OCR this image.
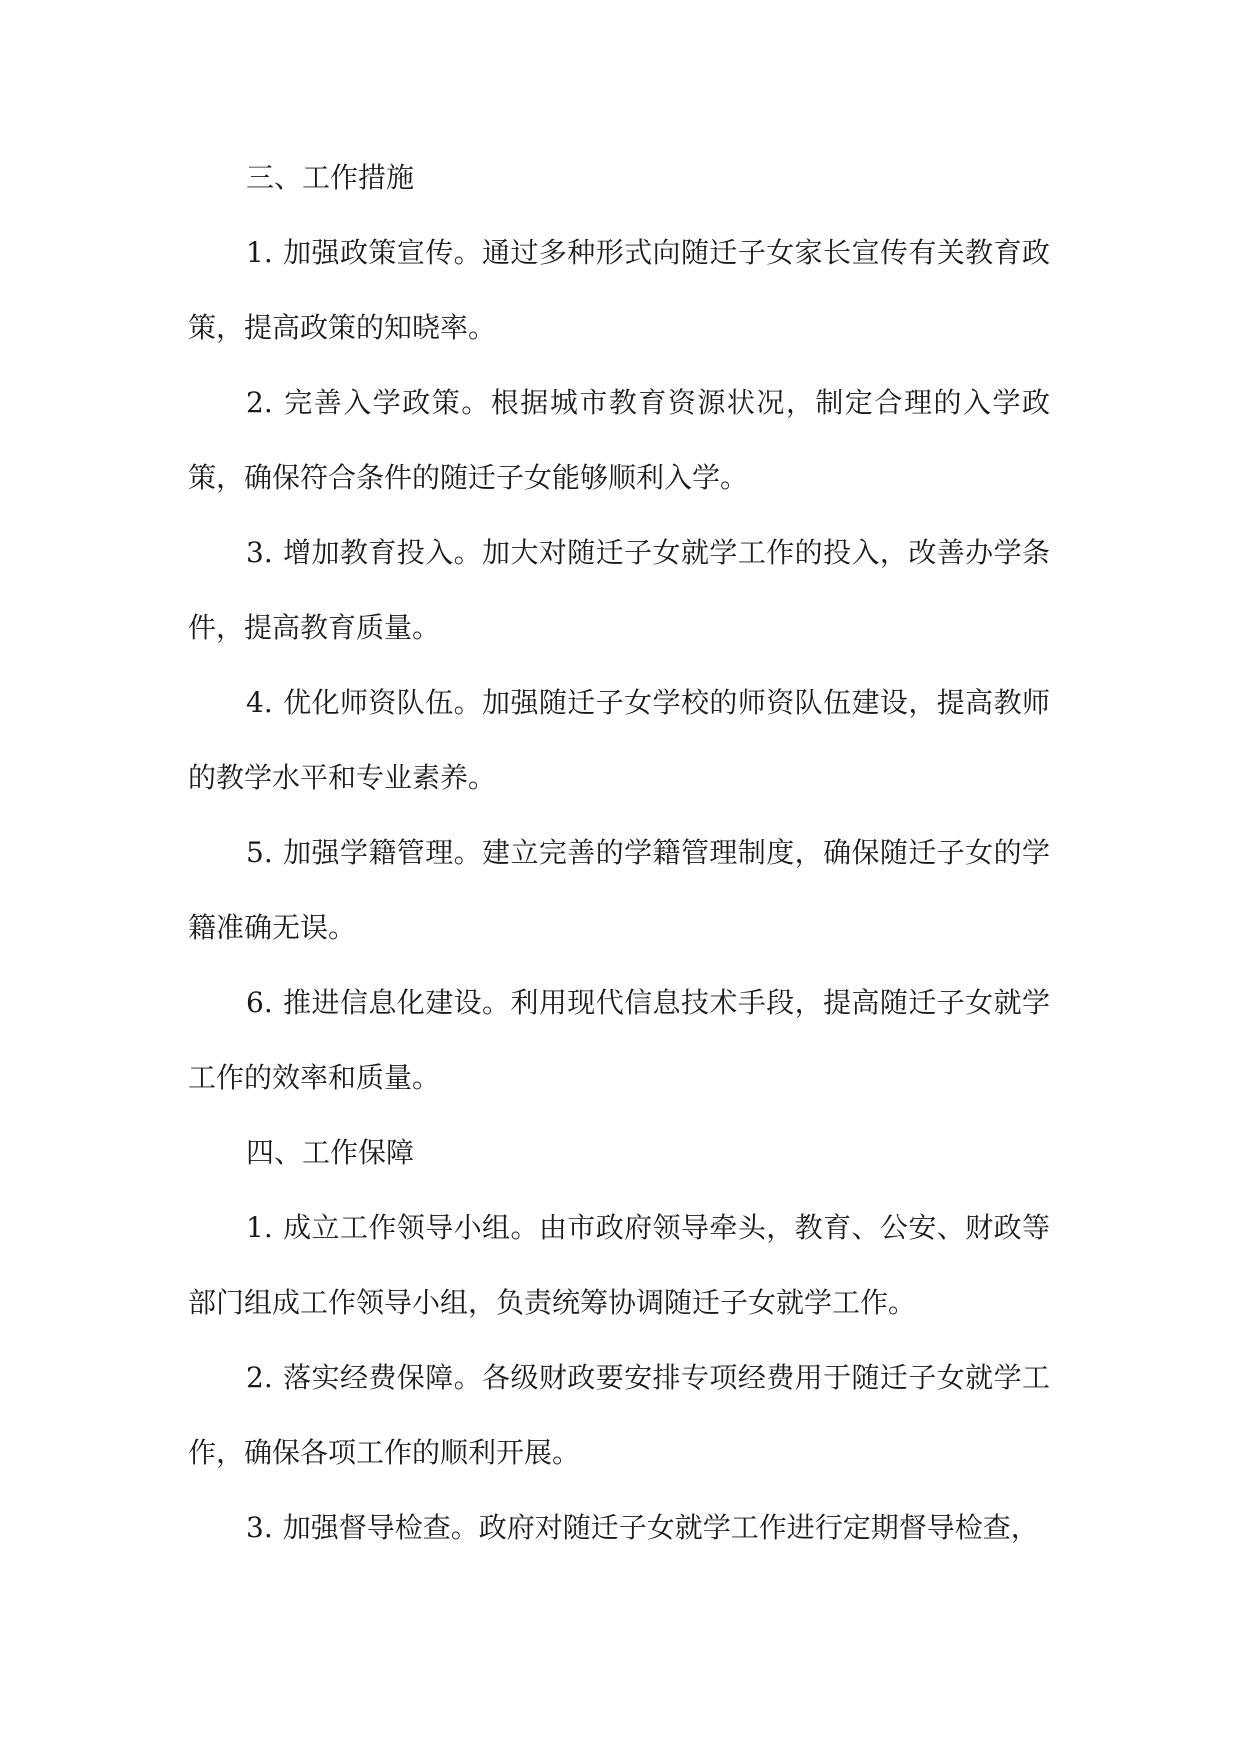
三、工作措施

1. 加强政策宣传。通过多种形式向随迁子女家长宣传有关教育政策，提高政策的知晓率。

2. 完善入学政策。根据城市教育资源状况，制定合理的入学政策，确保符合条件的随迁子女能够顺利入学。

3. 增加教育投入。加大对随迁子女就学工作的投入，改善办学条件，提高教育质量。

4. 优化师资队伍。加强随迁子女学校的师资队伍建设，提高教师的教学水平和专业素养。

5. 加强学籍管理。建立完善的学籍管理制度，确保随迁子女的学籍准确无误。

6. 推进信息化建设。利用现代信息技术手段，提高随迁子女就学工作的效率和质量。

四、工作保障

1. 成立工作领导小组。由市政府领导牵头，教育、公安、财政等部门组成工作领导小组，负责统筹协调随迁子女就学工作。

2. 落实经费保障。各级财政要安排专项经费用于随迁子女就学工作，确保各项工作的顺利开展。

3. 加强督导检查。政府对随迁子女就学工作进行定期督导检查，
